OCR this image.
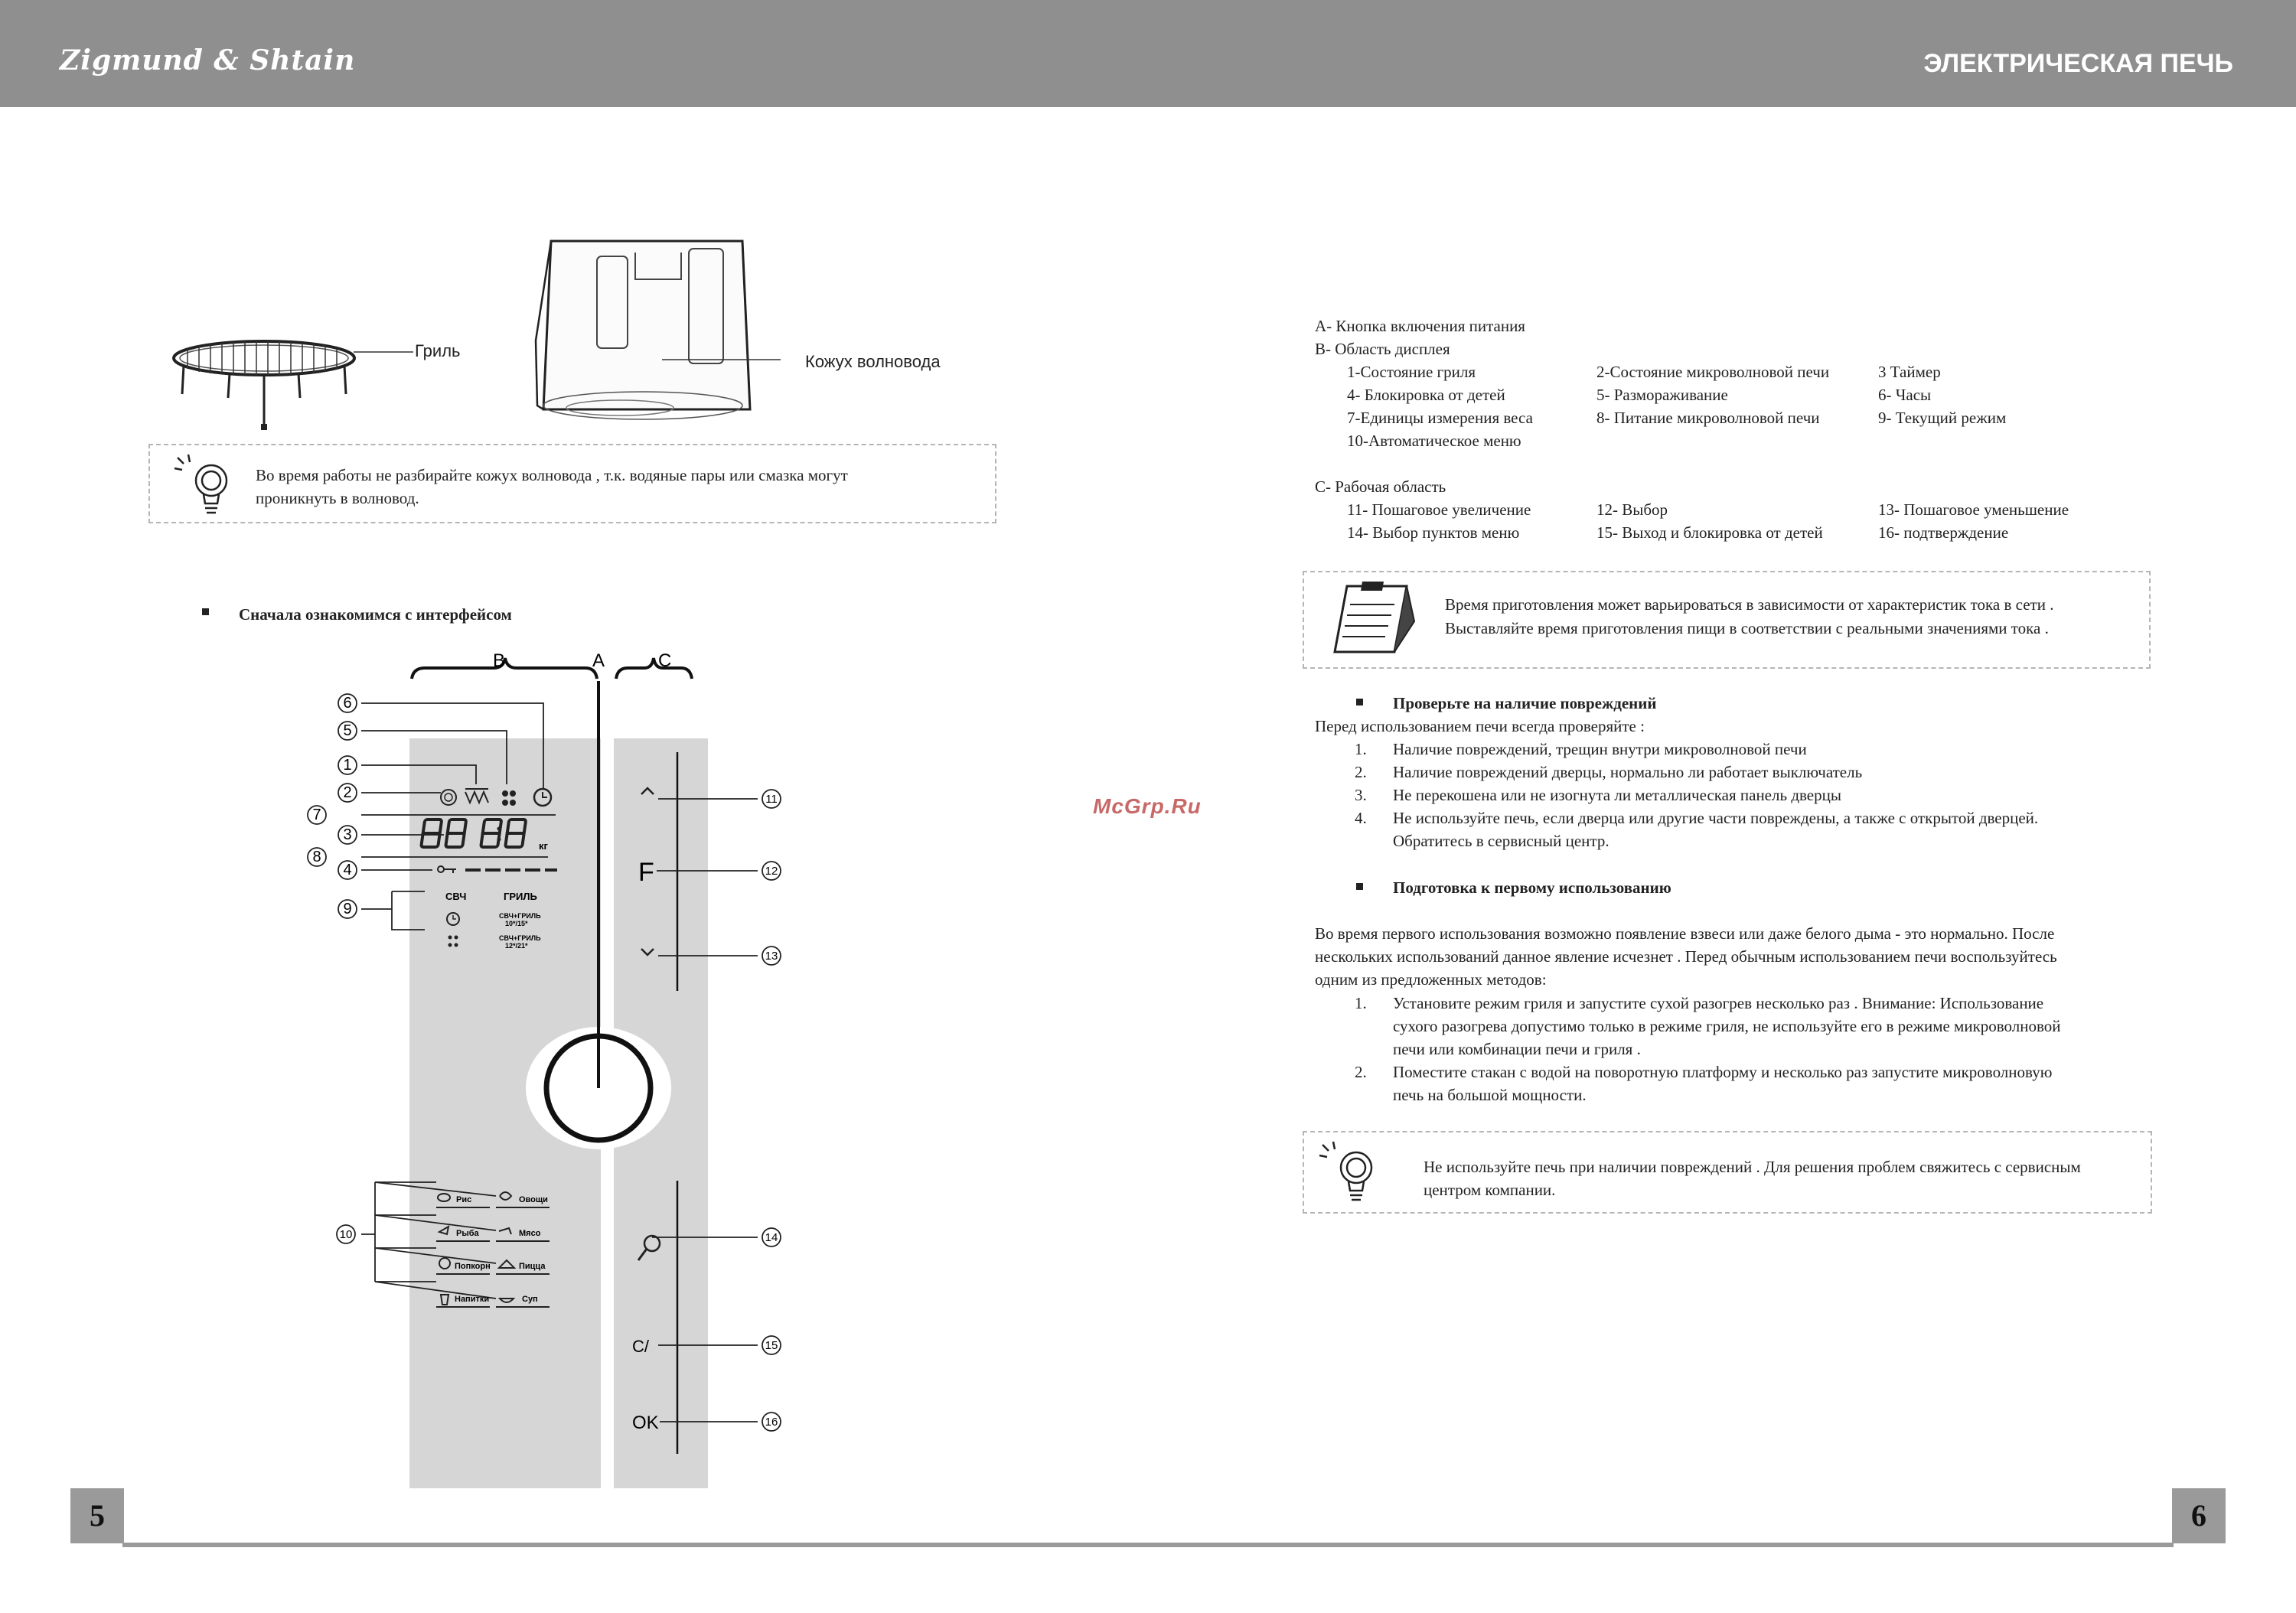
Zigmund & Shtain	ЭЛЕКТРИЧЕСКАЯ ПЕЧЬ
Гриль
Кожух волновода
Во время работы не разбирайте кожух волновода , т.к. водяные пары или смазка могут
проникнуть в волновод.
Сначала ознакомимся с интерфейсом
1
2
3
4
5
6
7
8
9
10
11
12
13
14
15
16
B	A	C
кг
СВЧ	ГРИЛЬ
СВЧ+ГРИЛЬ
10*/15*
СВЧ+ГРИЛЬ
12*/21*
F
C/
OK
Рис	Овощи
Рыба	Мясо
Попкорн	Пицца
Напитки	Суп
5
McGrp.Ru
A- Кнопка включения питания
B- Область дисплея
1-Состояние гриля	2-Состояние микроволновой печи	3 Таймер
4- Блокировка от детей	5- Размораживание	6- Часы
7-Единицы измерения веса	8- Питание микроволновой печи	9- Текущий режим
10-Автоматическое меню
C- Рабочая область
11- Пошаговое увеличение	12- Выбор	13- Пошаговое уменьшение
14- Выбор пунктов меню	15- Выход и блокировка от детей	16- подтверждение
Время приготовления может варьироваться в зависимости от характеристик тока в сети .
Выставляйте время приготовления пищи в соответствии с реальными значениями тока .
Проверьте на наличие повреждений
Перед использованием печи всегда проверяйте :
1. Наличие повреждений, трещин внутри микроволновой печи
2. Наличие повреждений дверцы, нормально ли работает выключатель
3. Не перекошена или не изогнута ли металлическая панель дверцы
4. Не используйте печь, если дверца или другие части повреждены, а также с открытой дверцей.
Обратитесь в сервисный центр.
Подготовка к первому использованию
Во время первого использования возможно появление взвеси или даже белого дыма - это нормально. После
нескольких использований данное явление исчезнет . Перед обычным использованием печи воспользуйтесь
одним из предложенных методов:
1. Установите режим гриля и запустите сухой разогрев несколько раз . Внимание: Использование
сухого разогрева допустимо только в режиме гриля, не используйте его в режиме микроволновой
печи или комбинации печи и гриля .
2. Поместите стакан с водой на поворотную платформу и несколько раз запустите микроволновую
печь на большой мощности.
Не используйте печь при наличии повреждений . Для решения проблем свяжитесь с сервисным
центром компании.
6
